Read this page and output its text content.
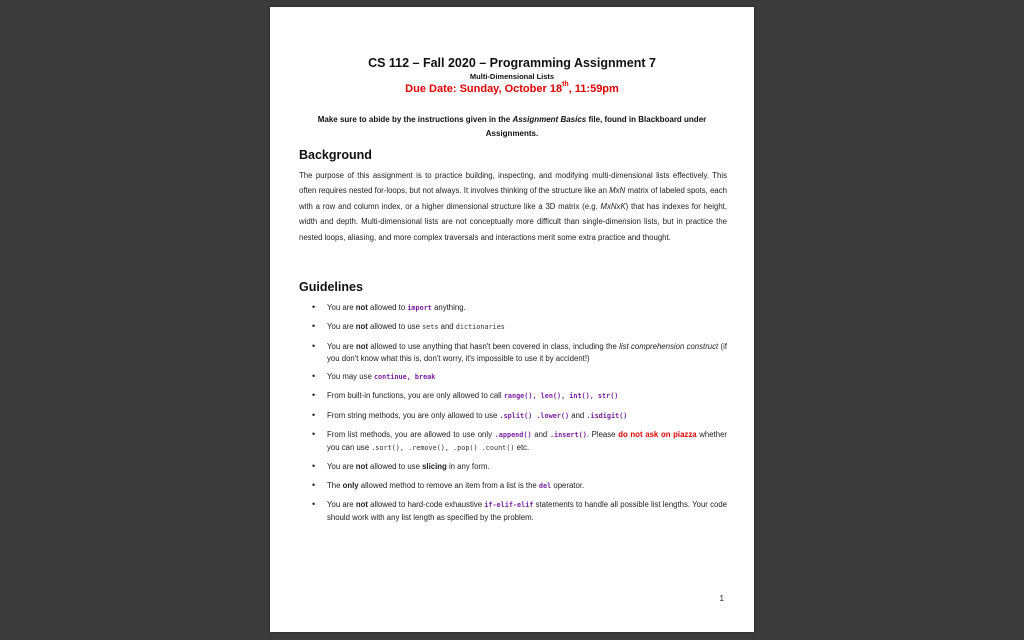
CS 112 – Fall 2020 – Programming Assignment 7
Multi-Dimensional Lists
Due Date: Sunday, October 18th, 11:59pm
Make sure to abide by the instructions given in the Assignment Basics file, found in Blackboard under Assignments.
Background

The purpose of this assignment is to practice building, inspecting, and modifying multi-dimensional lists effectively. This often requires nested for-loops, but not always. It involves thinking of the structure like an MxN matrix of labeled spots, each with a row and column index, or a higher dimensional structure like a 3D matrix (e.g. MxNxK) that has indexes for height, width and depth. Multi-dimensional lists are not conceptually more difficult than single-dimension lists, but in practice the nested loops, aliasing, and more complex traversals and interactions merit some extra practice and thought.

Guidelines
• You are not allowed to import anything.
• You are not allowed to use sets and dictionaries
• You are not allowed to use anything that hasn't been covered in class, including the list comprehension construct (if you don't know what this is, don't worry, it's impossible to use it by accident!)
• You may use continue, break
• From built-in functions, you are only allowed to call range(), len(), int(), str()
• From string methods, you are only allowed to use .split() .lower() and .isdigit()
• From list methods, you are allowed to use only .append() and .insert(). Please do not ask on piazza whether you can use .sort(), .remove(), .pop() .count() etc.
• You are not allowed to use slicing in any form.
• The only allowed method to remove an item from a list is the del operator.
• You are not allowed to hard-code exhaustive if-elif-elif statements to handle all possible list lengths. Your code should work with any list length as specified by the problem.
1
